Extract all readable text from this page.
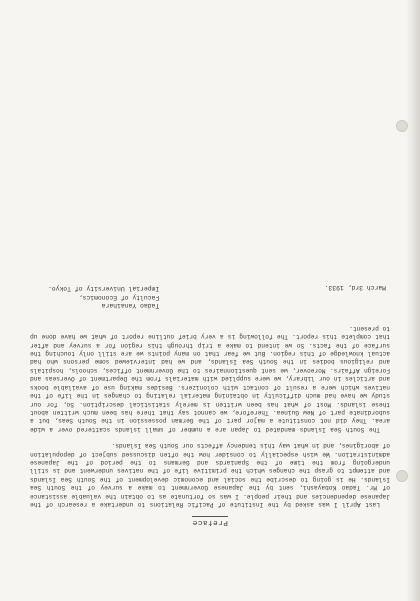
Preface

Last April I was asked by the Institute of Pacific Relations to undertake a research of the Japanese dependencies and their people. I was so fortunate as to obtain the valuable assistance of Mr. Tadao Kobayashi, sent by the Japanese Government to make a survey of the South Sea Islands. He is going to describe the social and economic development of the South Sea Islands and attempt to grasp the changes which the primitive life of the natives underwent and is still undergoing from the time of the Spaniards and Germans to the period of the Japanese administration. We wish especially to consider how the often discussed subject of depopulation of aborigines, and in what way this tendency affects our South Sea Islands.

The South Sea Islands mandated to Japan are a number of small islands scattered over a wide area. They did not constitute a major part of the German possession in the South Seas, but a subordinate part of New Guinea. Therefore, we cannot say that there has been much written about these islands. Most of what has been written is merely statistical description. So, for our study we have had much difficulty in obtaining material relating to changes in the life of the natives which were a result of contact with colonizers. Besides making use of available books and articles in our library, we were supplied with materials from the Department of Overseas and Foreign Affairs. Moreover, we sent questionnaires to the Government offices, schools, hospitals and religious bodies in the South Sea Islands, and we had interviewed some persons who had actual knowledge of this region. But we fear that on many points we are still only touching the surface of the facts. So we intend to make a trip through this region for a survey and after that complete this report. The following is a very brief outline report of what we have done up to present.

March 3rd, 1933.
Tadao Yanaihara
Faculty of Economics,
Imperial University of Tokyo.
